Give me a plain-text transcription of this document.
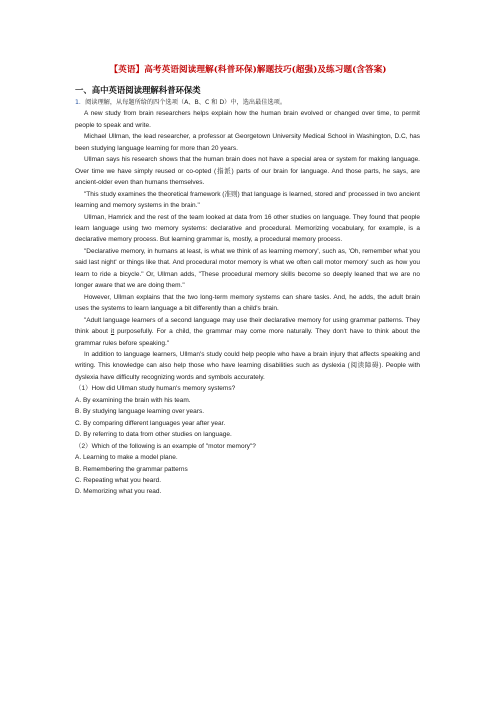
【英语】高考英语阅读理解(科普环保)解题技巧(超强)及练习题(含答案)
一、高中英语阅读理解科普环保类

1．阅读理解，从每题所给的四个选项（A、B、C 和 D）中，选出最佳选项。

A new study from brain researchers helps explain how the human brain evolved or changed over time, to permit people to speak and write.

Michael Ullman, the lead researcher, a professor at Georgetown University Medical School in Washington, D.C, has been studying language learning for more than 20 years.

Ullman says his research shows that the human brain does not have a special area or system for making language. Over time we have simply reused or co-opted (指派) parts of our brain for language. And those parts, he says, are ancient-older even than humans themselves.

"This study examines the theoretical framework (准则) that language is learned, stored and' processed in two ancient learning and memory systems in the brain."

Ullman, Hamrick and the rest of the team looked at data from 16 other studies on language. They found that people learn language using two memory systems: declarative and procedural. Memorizing vocabulary, for example, is a declarative memory process. But learning grammar is, mostly, a procedural memory process.

"Declarative memory, in humans at least, is what we think of as learning memory', such as, 'Oh, remember what you said last night' or things like that. And procedural motor memory is what we often call motor memory' such as how you learn to ride a bicycle." Or, Ullman adds, "These procedural memory skills become so deeply leaned that we are no longer aware that we are doing them."

However, Ullman explains that the two long-term memory systems can share tasks. And, he adds, the adult brain uses the systems to learn language a bit differently than a child's brain.

"Adult language learners of a second language may use their declarative memory for using grammar patterns. They think about it purposefully. For a child, the grammar may come more naturally. They don't have to think about the grammar rules before speaking."

In addition to language learners, Ullman's study could help people who have a brain injury that affects speaking and writing. This knowledge can also help those who have learning disabilities such as dyslexia (阅读障碍). People with dyslexia have difficulty recognizing words and symbols accurately.

（1）How did Ullman study human's memory systems?

A. By examining the brain with his team.

B. By studying language learning over years.

C. By comparing different languages year after year.

D. By referring to data from other studies on language.

（2）Which of the following is an example of "motor memory"?

A. Learning to make a model plane.

B. Remembering the grammar patterns

C. Repeating what you heard.

D. Memorizing what you read.
